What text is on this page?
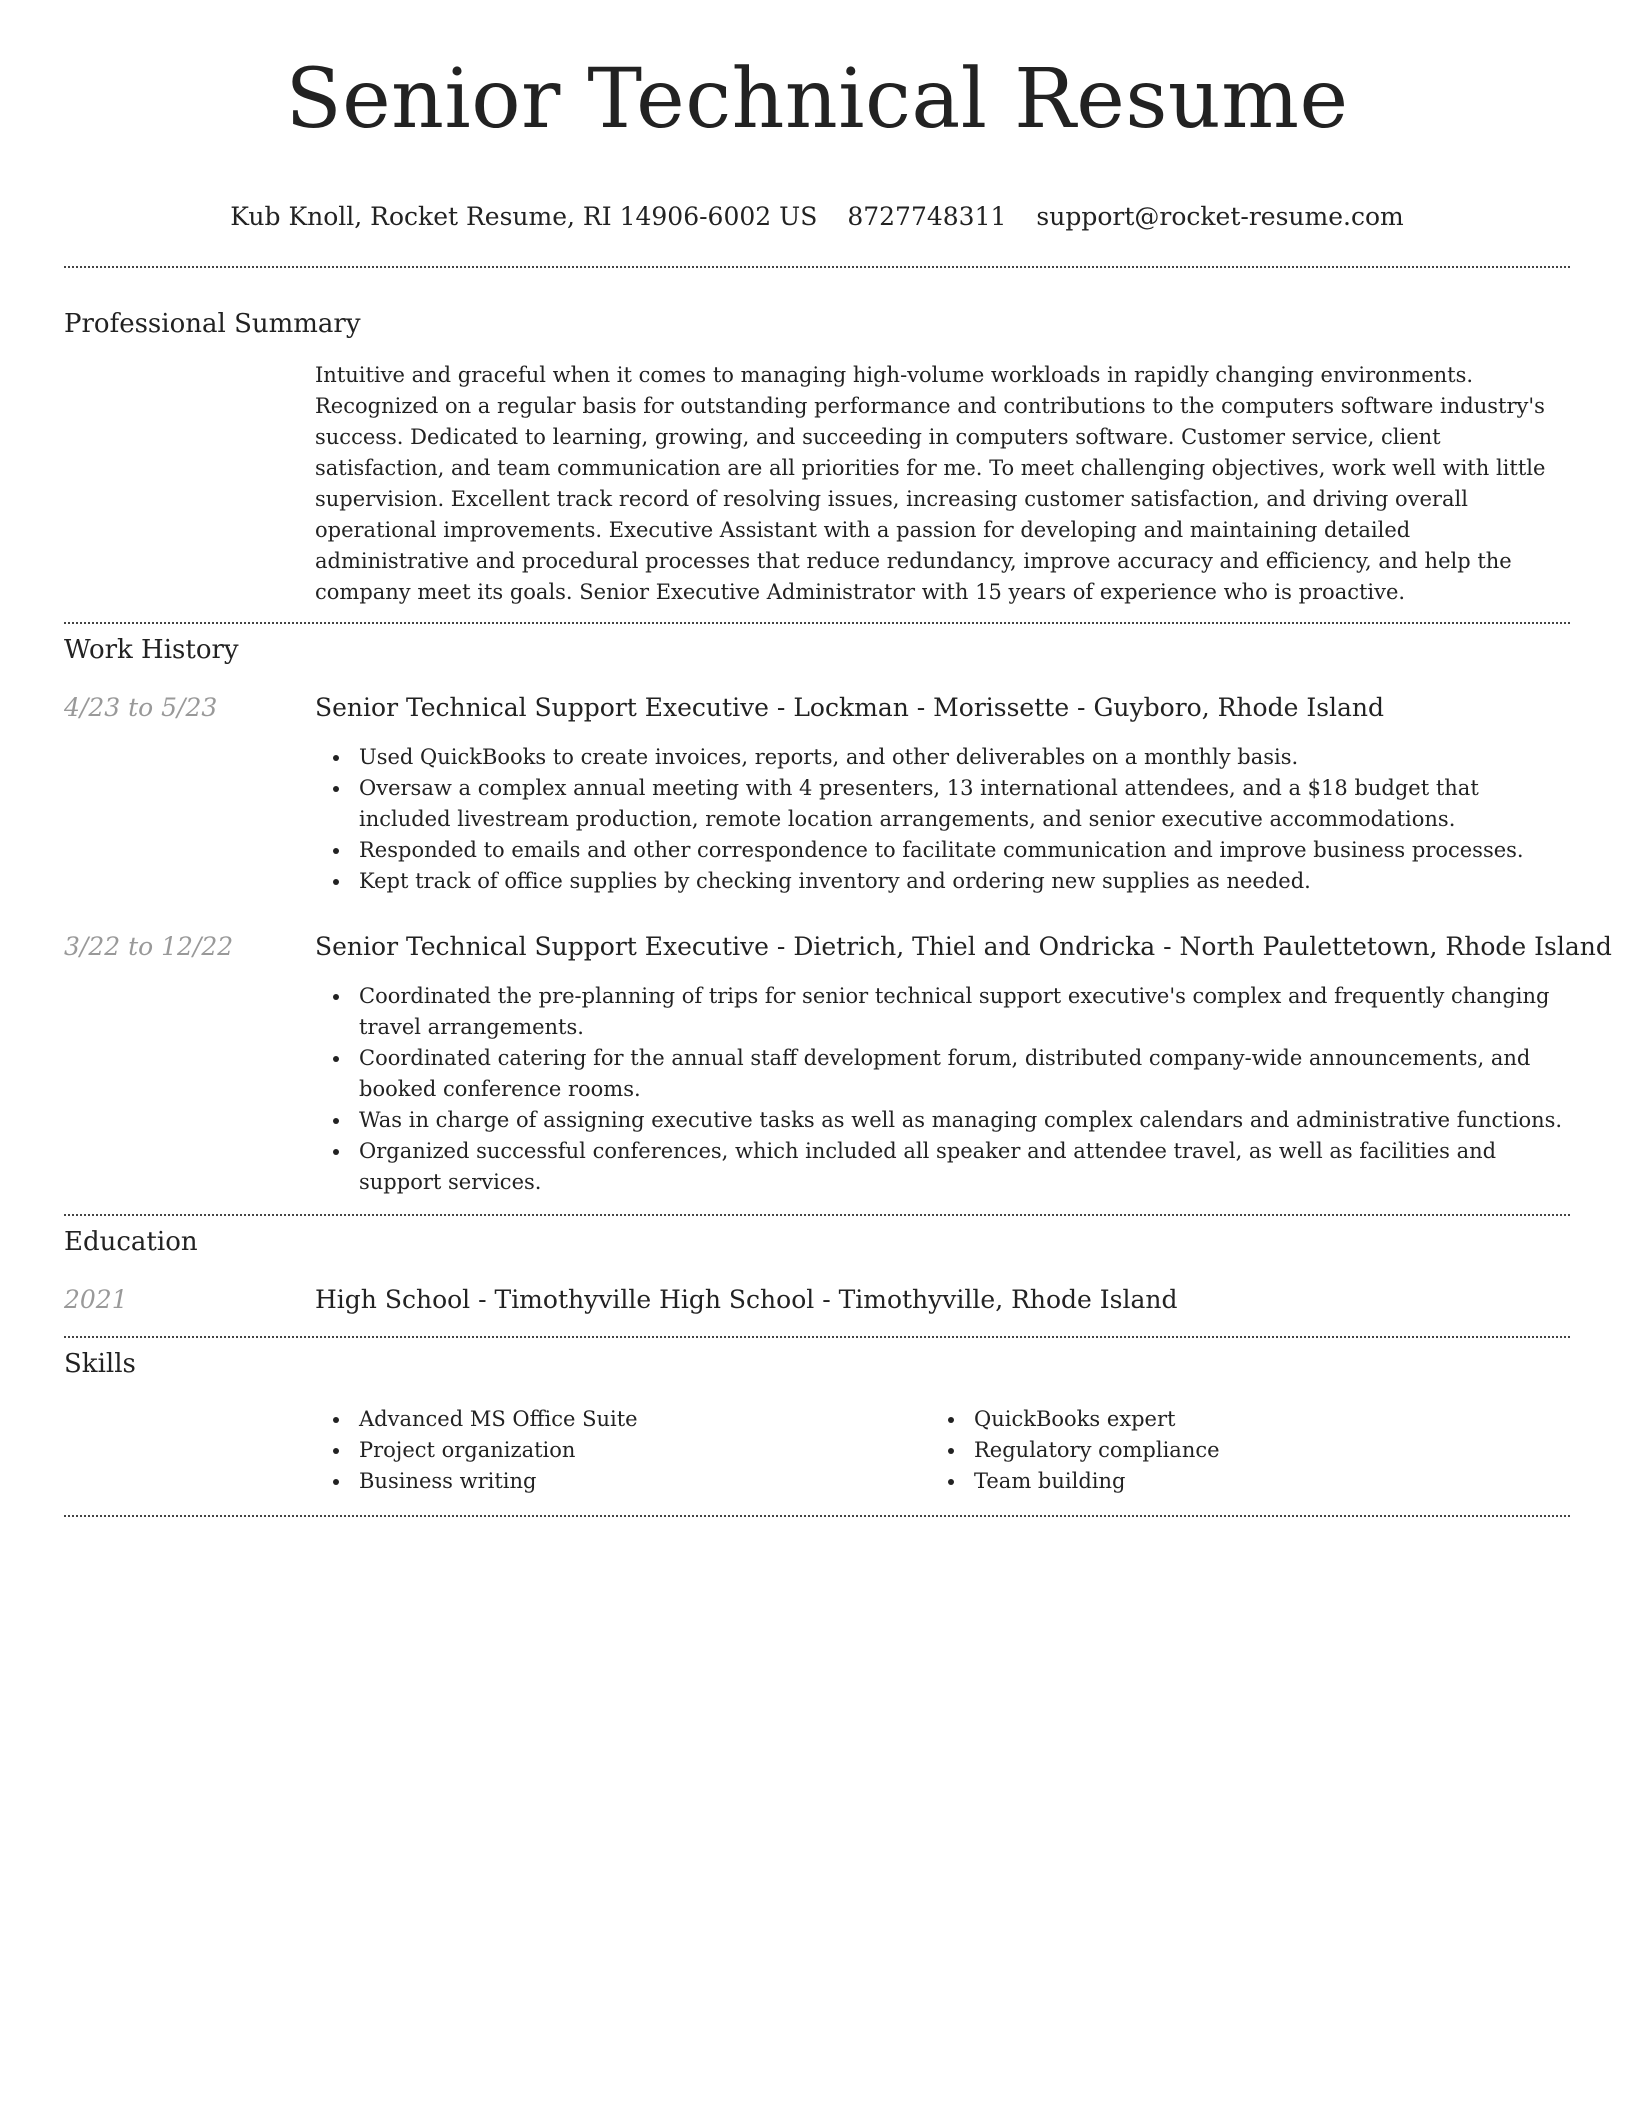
Senior Technical Resume
Kub Knoll, Rocket Resume, RI 14906-6002 US 8727748311 support@rocket-resume.com
Professional Summary

Intuitive and graceful when it comes to managing high-volume workloads in rapidly changing environments. Recognized on a regular basis for outstanding performance and contributions to the computers software industry's success. Dedicated to learning, growing, and succeeding in computers software. Customer service, client satisfaction, and team communication are all priorities for me. To meet challenging objectives, work well with little supervision. Excellent track record of resolving issues, increasing customer satisfaction, and driving overall operational improvements. Executive Assistant with a passion for developing and maintaining detailed administrative and procedural processes that reduce redundancy, improve accuracy and efficiency, and help the company meet its goals. Senior Executive Administrator with 15 years of experience who is proactive.

Work History
4/23 to 5/23	Senior Technical Support Executive - Lockman - Morissette - Guyboro, Rhode Island
Used QuickBooks to create invoices, reports, and other deliverables on a monthly basis.
Oversaw a complex annual meeting with 4 presenters, 13 international attendees, and a $18 budget that included livestream production, remote location arrangements, and senior executive accommodations.
Responded to emails and other correspondence to facilitate communication and improve business processes.
Kept track of office supplies by checking inventory and ordering new supplies as needed.
3/22 to 12/22	Senior Technical Support Executive - Dietrich, Thiel and Ondricka - North Paulettetown, Rhode Island
Coordinated the pre-planning of trips for senior technical support executive's complex and frequently changing travel arrangements.
Coordinated catering for the annual staff development forum, distributed company-wide announcements, and booked conference rooms.
Was in charge of assigning executive tasks as well as managing complex calendars and administrative functions.
Organized successful conferences, which included all speaker and attendee travel, as well as facilities and support services.
Education
2021	High School - Timothyville High School - Timothyville, Rhode Island
Skills
Advanced MS Office Suite
Project organization
Business writing
QuickBooks expert
Regulatory compliance
Team building
